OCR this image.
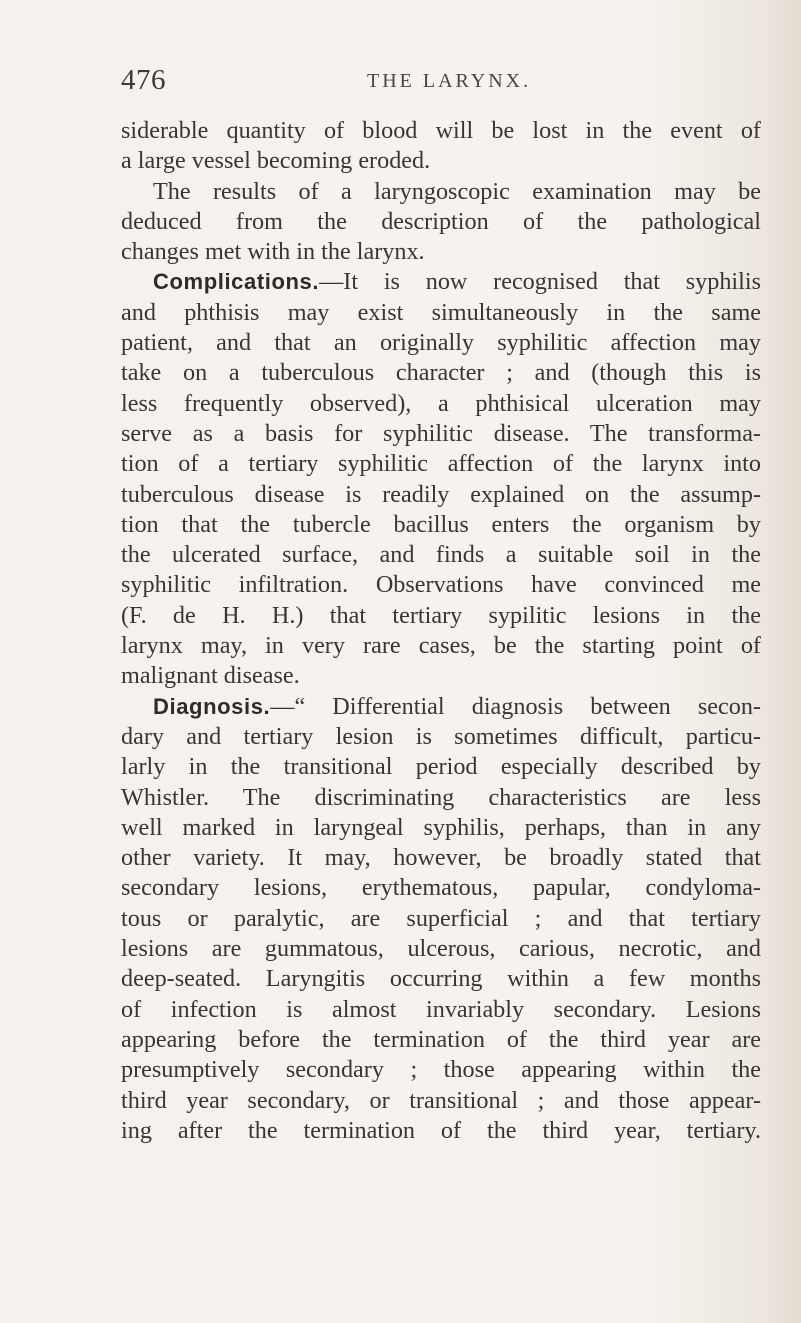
476	THE LARYNX.
siderable quantity of blood will be lost in the event of
a large vessel becoming eroded.
The results of a laryngoscopic examination may be
deduced from the description of the pathological
changes met with in the larynx.
Complications.—It is now recognised that syphilis
and phthisis may exist simultaneously in the same
patient, and that an originally syphilitic affection may
take on a tuberculous character ; and (though this is
less frequently observed), a phthisical ulceration may
serve as a basis for syphilitic disease. The transforma-
tion of a tertiary syphilitic affection of the larynx into
tuberculous disease is readily explained on the assump-
tion that the tubercle bacillus enters the organism by
the ulcerated surface, and finds a suitable soil in the
syphilitic infiltration. Observations have convinced me
(F. de H. H.) that tertiary sypilitic lesions in the
larynx may, in very rare cases, be the starting point of
malignant disease.
Diagnosis.—“ Differential diagnosis between secon-
dary and tertiary lesion is sometimes difficult, particu-
larly in the transitional period especially described by
Whistler. The discriminating characteristics are less
well marked in laryngeal syphilis, perhaps, than in any
other variety. It may, however, be broadly stated that
secondary lesions, erythematous, papular, condyloma-
tous or paralytic, are superficial ; and that tertiary
lesions are gummatous, ulcerous, carious, necrotic, and
deep-seated. Laryngitis occurring within a few months
of infection is almost invariably secondary. Lesions
appearing before the termination of the third year are
presumptively secondary ; those appearing within the
third year secondary, or transitional ; and those appear-
ing after the termination of the third year, tertiary.
